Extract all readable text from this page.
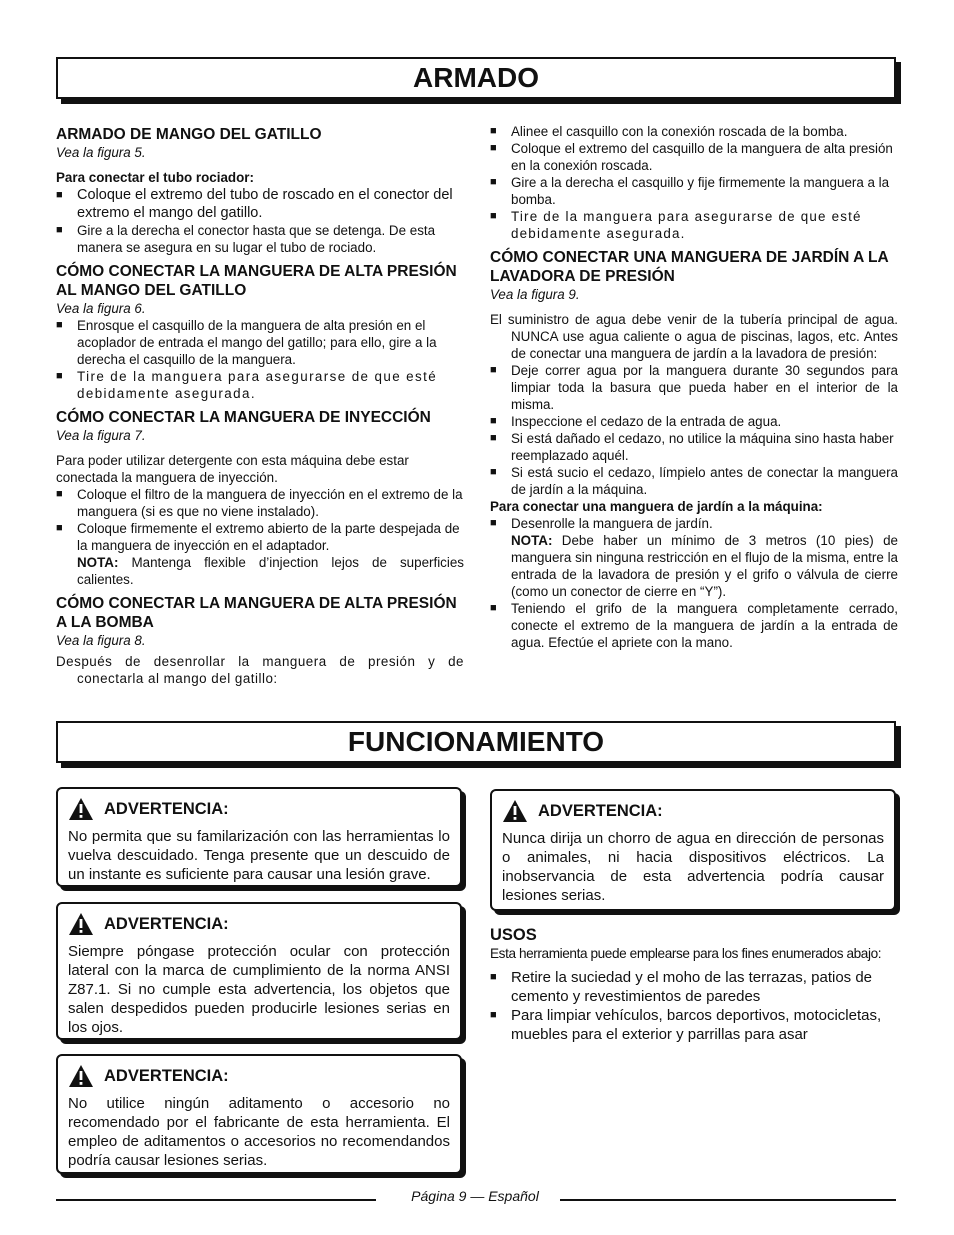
ARMADO
ARMADO DE MANGO DEL GATILLO

Vea la figura 5.

Para conectar el tubo rociador:

■ Coloque el extremo del tubo de roscado en el conector del extremo el mango del gatillo.
■ Gire a la derecha el conector hasta que se detenga. De esta manera se asegura en su lugar el tubo de rociado.
CÓMO CONECTAR LA MANGUERA DE ALTA PRESIÓN AL MANGO DEL GATILLO

Vea la figura 6.

■ Enrosque el casquillo de la manguera de alta presión en el acoplador de entrada el mango del gatillo; para ello, gire a la derecha el casquillo de la manguera.
■ Tire de la manguera para asegurarse de que esté debidamente asegurada.
CÓMO CONECTAR LA MANGUERA DE INYECCIÓN

Vea la figura 7.

Para poder utilizar detergente con esta máquina debe estar conectada la manguera de inyección.

■ Coloque el filtro de la manguera de inyección en el extremo de la manguera (si es que no viene instalado).
■ Coloque firmemente el extremo abierto de la parte despejada de la manguera de inyección en el adaptador.

NOTA: Mantenga flexible d’injection lejos de superficies calientes.

CÓMO CONECTAR LA MANGUERA DE ALTA PRESIÓN A LA BOMBA

Vea la figura 8.

Después de desenrollar la manguera de presión y de conectarla al mango del gatillo:

■ Alinee el casquillo con la conexión roscada de la bomba.
■ Coloque el extremo del casquillo de la manguera de alta presión en la conexión roscada.
■ Gire a la derecha el casquillo y fije firmemente la manguera a la bomba.
■ Tire de la manguera para asegurarse de que esté debidamente asegurada.
CÓMO CONECTAR UNA MANGUERA DE JARDÍN A LA LAVADORA DE PRESIÓN

Vea la figura 9.

El suministro de agua debe venir de la tubería principal de agua. NUNCA use agua caliente o agua de piscinas, lagos, etc. Antes de conectar una manguera de jardín a la lavadora de presión:

■ Deje correr agua por la manguera durante 30 segundos para limpiar toda la basura que pueda haber en el interior de la misma.
■ Inspeccione el cedazo de la entrada de agua.
■ Si está dañado el cedazo, no utilice la máquina sino hasta haber reemplazado aquél.
■ Si está sucio el cedazo, límpielo antes de conectar la manguera de jardín a la máquina.

Para conectar una manguera de jardín a la máquina:

■ Desenrolle la manguera de jardín.

NOTA: Debe haber un mínimo de 3 metros (10 pies) de manguera sin ninguna restricción en el flujo de la misma, entre la entrada de la lavadora de presión y el grifo o válvula de cierre (como un conector de cierre en “Y”).

■ Teniendo el grifo de la manguera completamente cerrado, conecte el extremo de la manguera de jardín a la entrada de agua. Efectúe el apriete con la mano.
FUNCIONAMIENTO
ADVERTENCIA:
No permita que su familarización con las herramientas lo vuelva descuidado. Tenga presente que un descuido de un instante es suficiente para causar una lesión grave.
ADVERTENCIA:
Siempre póngase protección ocular con protección lateral con la marca de cumplimiento de la norma ANSI Z87.1. Si no cumple esta advertencia, los objetos que salen despedidos pueden producirle lesiones serias en los ojos.
ADVERTENCIA:
No utilice ningún aditamento o accesorio no recomendado por el fabricante de esta herramienta. El empleo de aditamentos o accesorios no recomendandos podría causar lesiones serias.
ADVERTENCIA:
Nunca dirija un chorro de agua en dirección de personas o animales, ni hacia dispositivos eléctricos. La inobservancia de esta advertencia podría causar lesiones serias.
USOS

Esta herramienta puede emplearse para los fines enumerados abajo:

■ Retire la suciedad y el moho de las terrazas, patios de cemento y revestimientos de paredes
■ Para limpiar vehículos, barcos deportivos, motocicletas, muebles para el exterior y parrillas para asar
Página 9 — Español
